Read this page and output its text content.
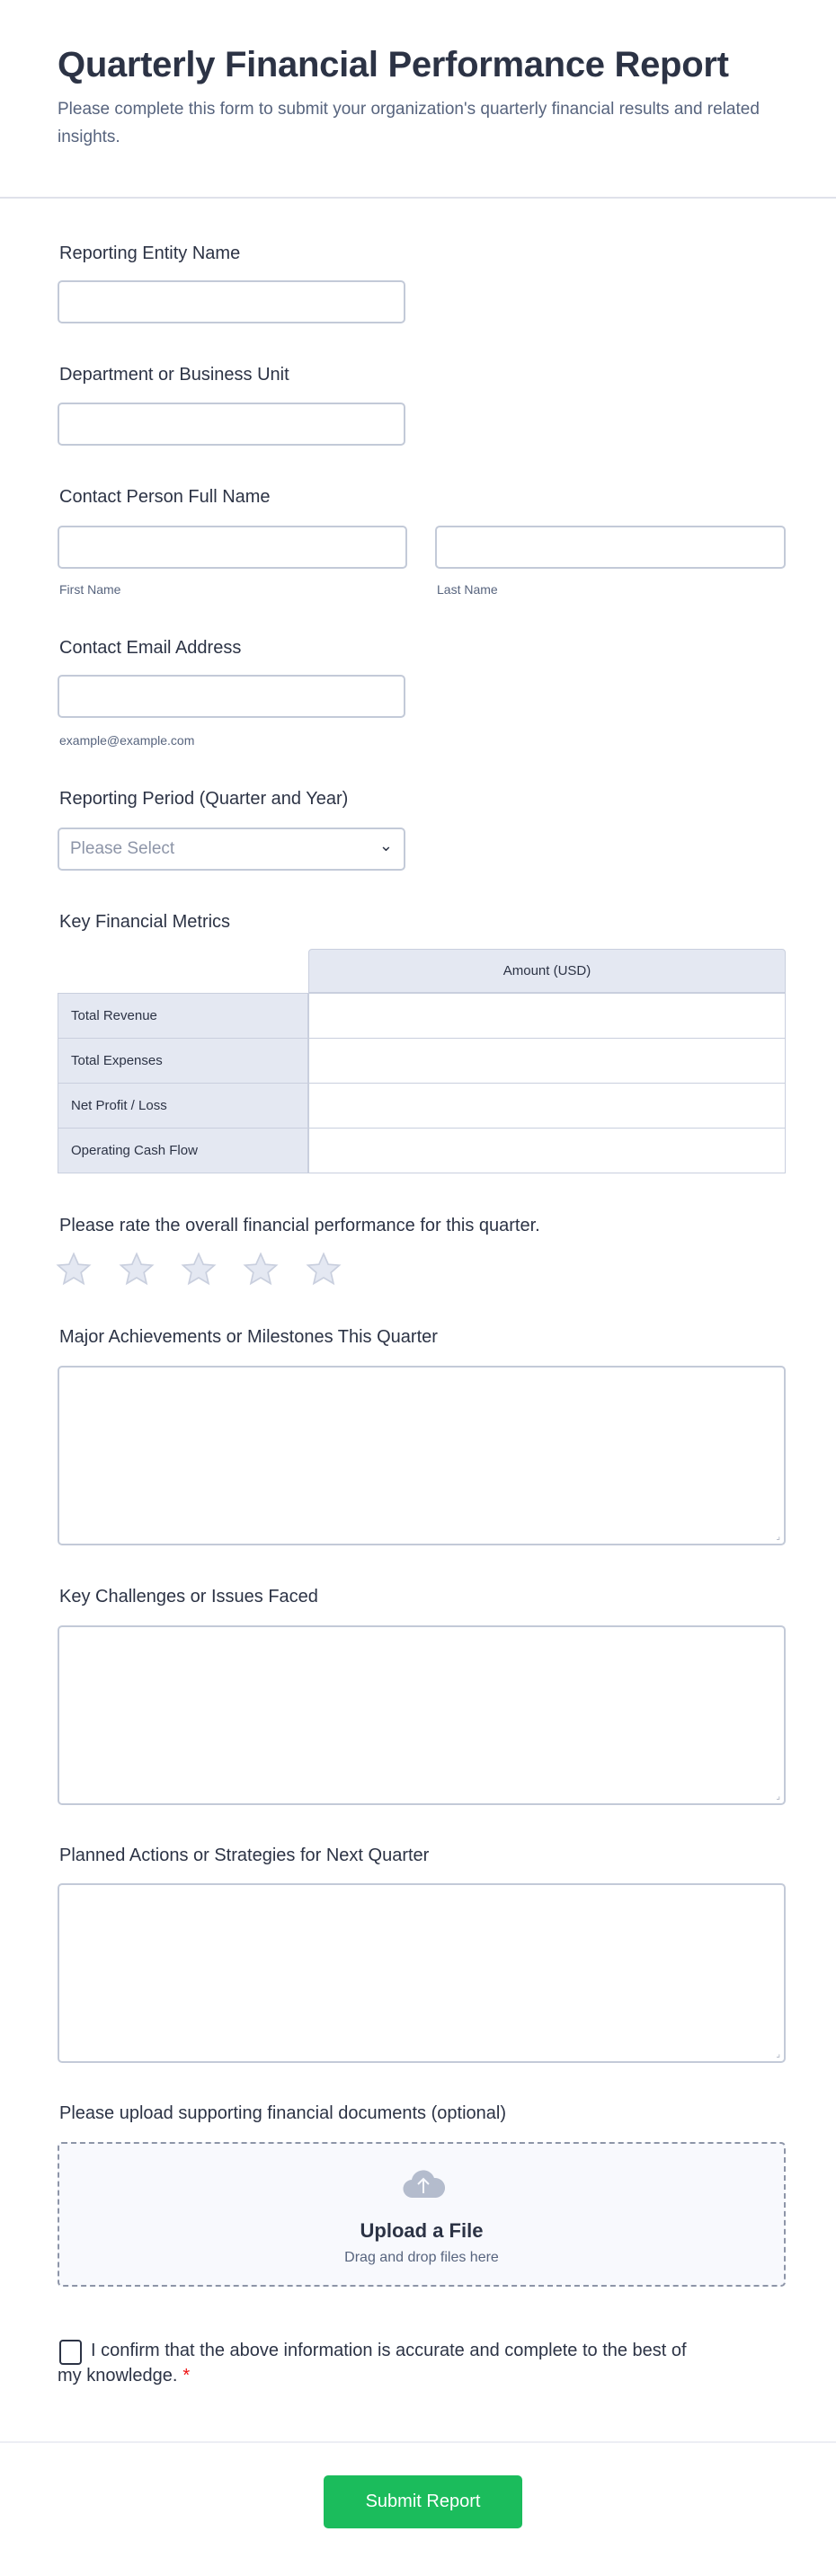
Quarterly Financial Performance Report

Please complete this form to submit your organization's quarterly financial results and related insights.

Reporting Entity Name
Department or Business Unit
Contact Person Full Name
First Name	Last Name
Contact Email Address
example@example.com
Reporting Period (Quarter and Year)
Please Select	⌄
Key Financial Metrics
Amount (USD)
Total Revenue
Total Expenses
Net Profit / Loss
Operating Cash Flow
Please rate the overall financial performance for this quarter.
Major Achievements or Milestones This Quarter
⌟
Key Challenges or Issues Faced
⌟
Planned Actions or Strategies for Next Quarter
⌟
Please upload supporting financial documents (optional)
Upload a File
Drag and drop files here
I confirm that the above information is accurate and complete to the best of my knowledge. *
Submit Report
